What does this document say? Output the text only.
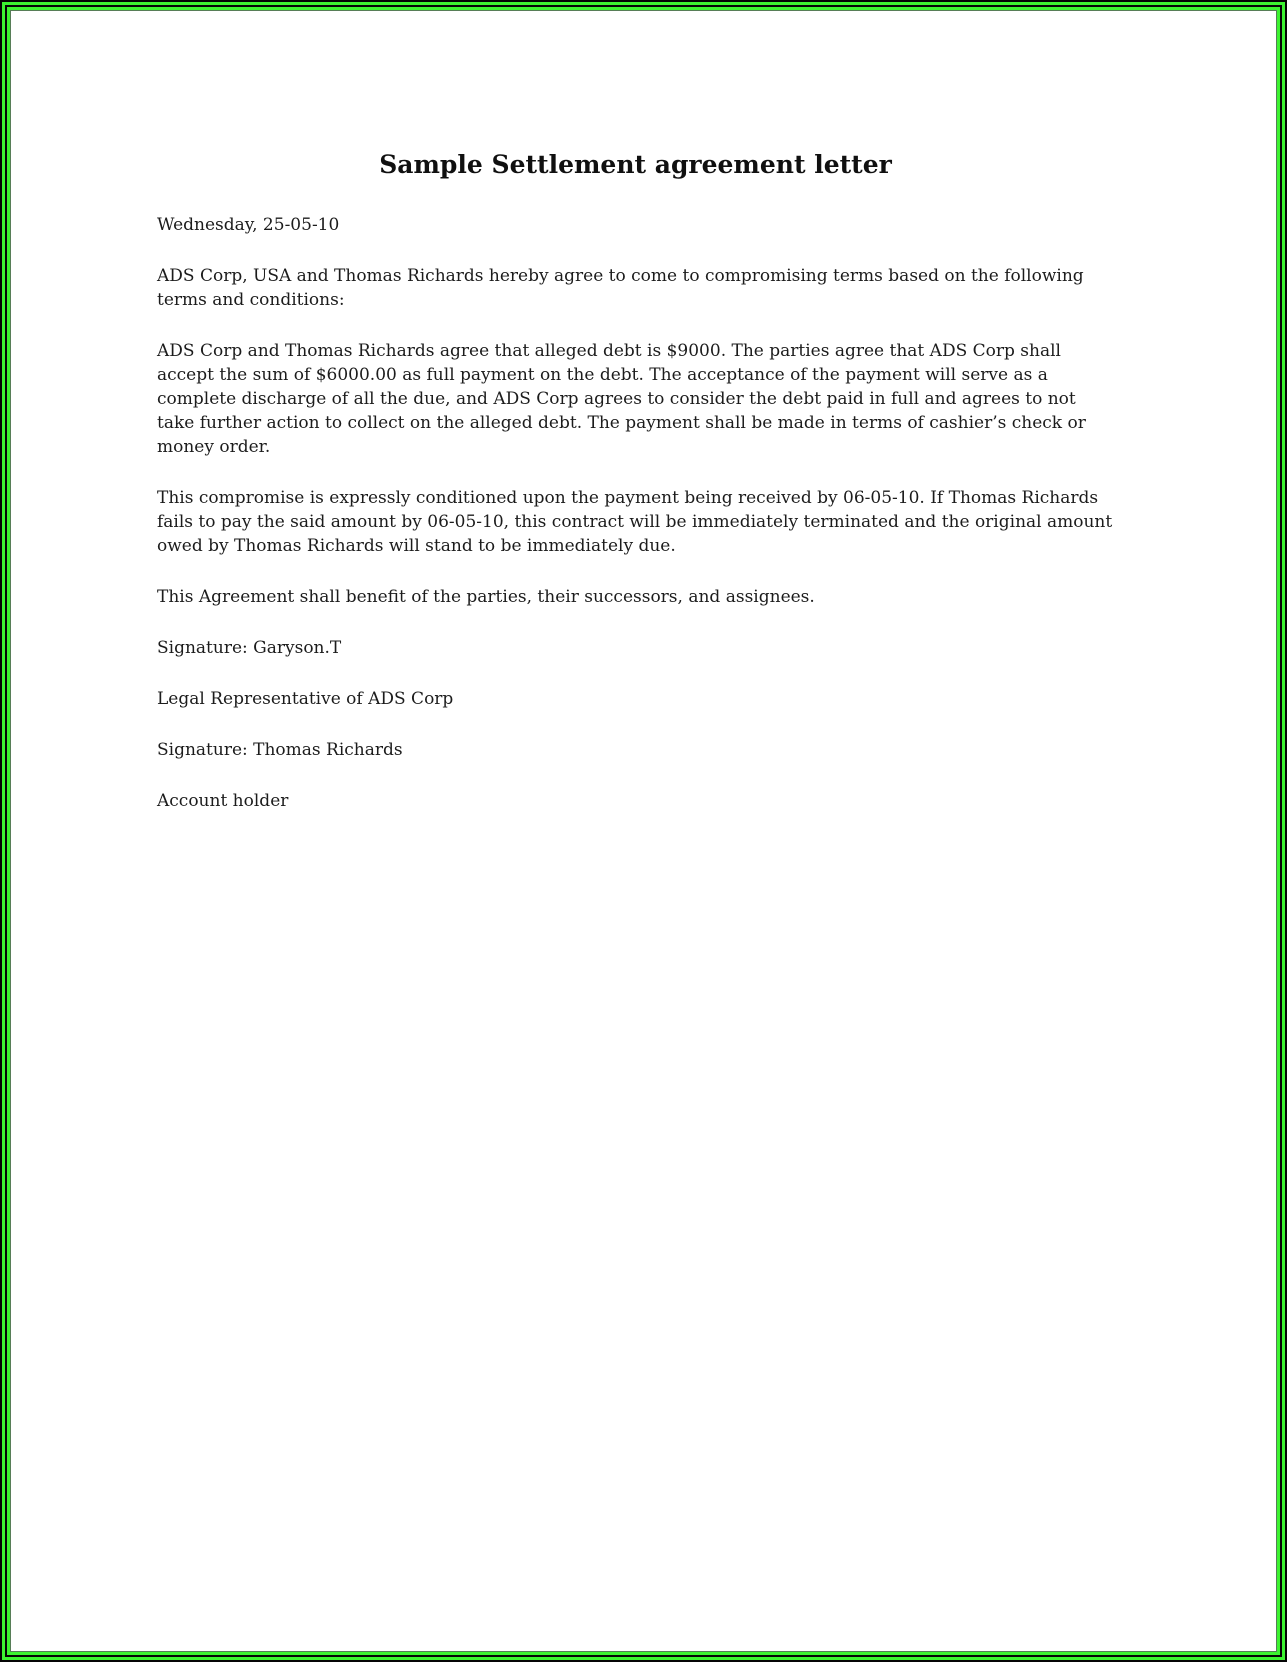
Sample Settlement agreement letter

Wednesday, 25-05-10

ADS Corp, USA and Thomas Richards hereby agree to come to compromising terms based on the following terms and conditions:

ADS Corp and Thomas Richards agree that alleged debt is $9000. The parties agree that ADS Corp shall accept the sum of $6000.00 as full payment on the debt. The acceptance of the payment will serve as a complete discharge of all the due, and ADS Corp agrees to consider the debt paid in full and agrees to not take further action to collect on the alleged debt. The payment shall be made in terms of cashier’s check or money order.

This compromise is expressly conditioned upon the payment being received by 06-05-10. If Thomas Richards fails to pay the said amount by 06-05-10, this contract will be immediately terminated and the original amount owed by Thomas Richards will stand to be immediately due.

This Agreement shall benefit of the parties, their successors, and assignees.

Signature: Garyson.T

Legal Representative of ADS Corp

Signature: Thomas Richards

Account holder
